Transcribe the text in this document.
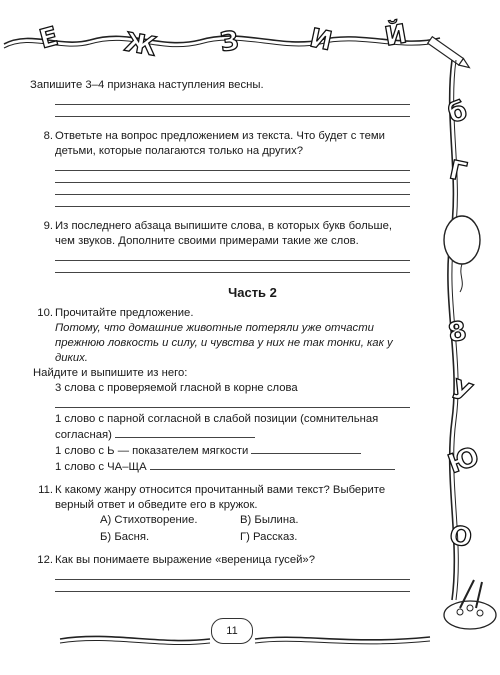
Е Ж З	И Й
б
Г
8
У
Ю
О
11

Запишите 3–4 признака наступления весны.

8. Ответьте на вопрос предложением из текста. Что будет с теми детьми, которые полагаются только на других?

9. Из последнего абзаца выпишите слова, в которых букв больше, чем звуков. Дополните своими примерами такие же слов.

Часть 2

10. Прочитайте предложение.

Потому, что домашние животные потеряли уже отчасти прежнюю ловкость и силу, и чувства у них не так тонки, как у диких.

Найдите и выпишите из него:

3 слова с проверяемой гласной в корне слова

1 слово с парной согласной в слабой позиции (сомнительная согласная)

1 слово с Ь — показателем мягкости

1 слово с ЧА–ЩА

11. К какому жанру относится прочитанный вами текст? Выберите верный ответ и обведите его в кружок.

А) Стихотворение.	В) Былина.
Б) Басня.	Г) Рассказ.

12. Как вы понимаете выражение «вереница гусей»?
